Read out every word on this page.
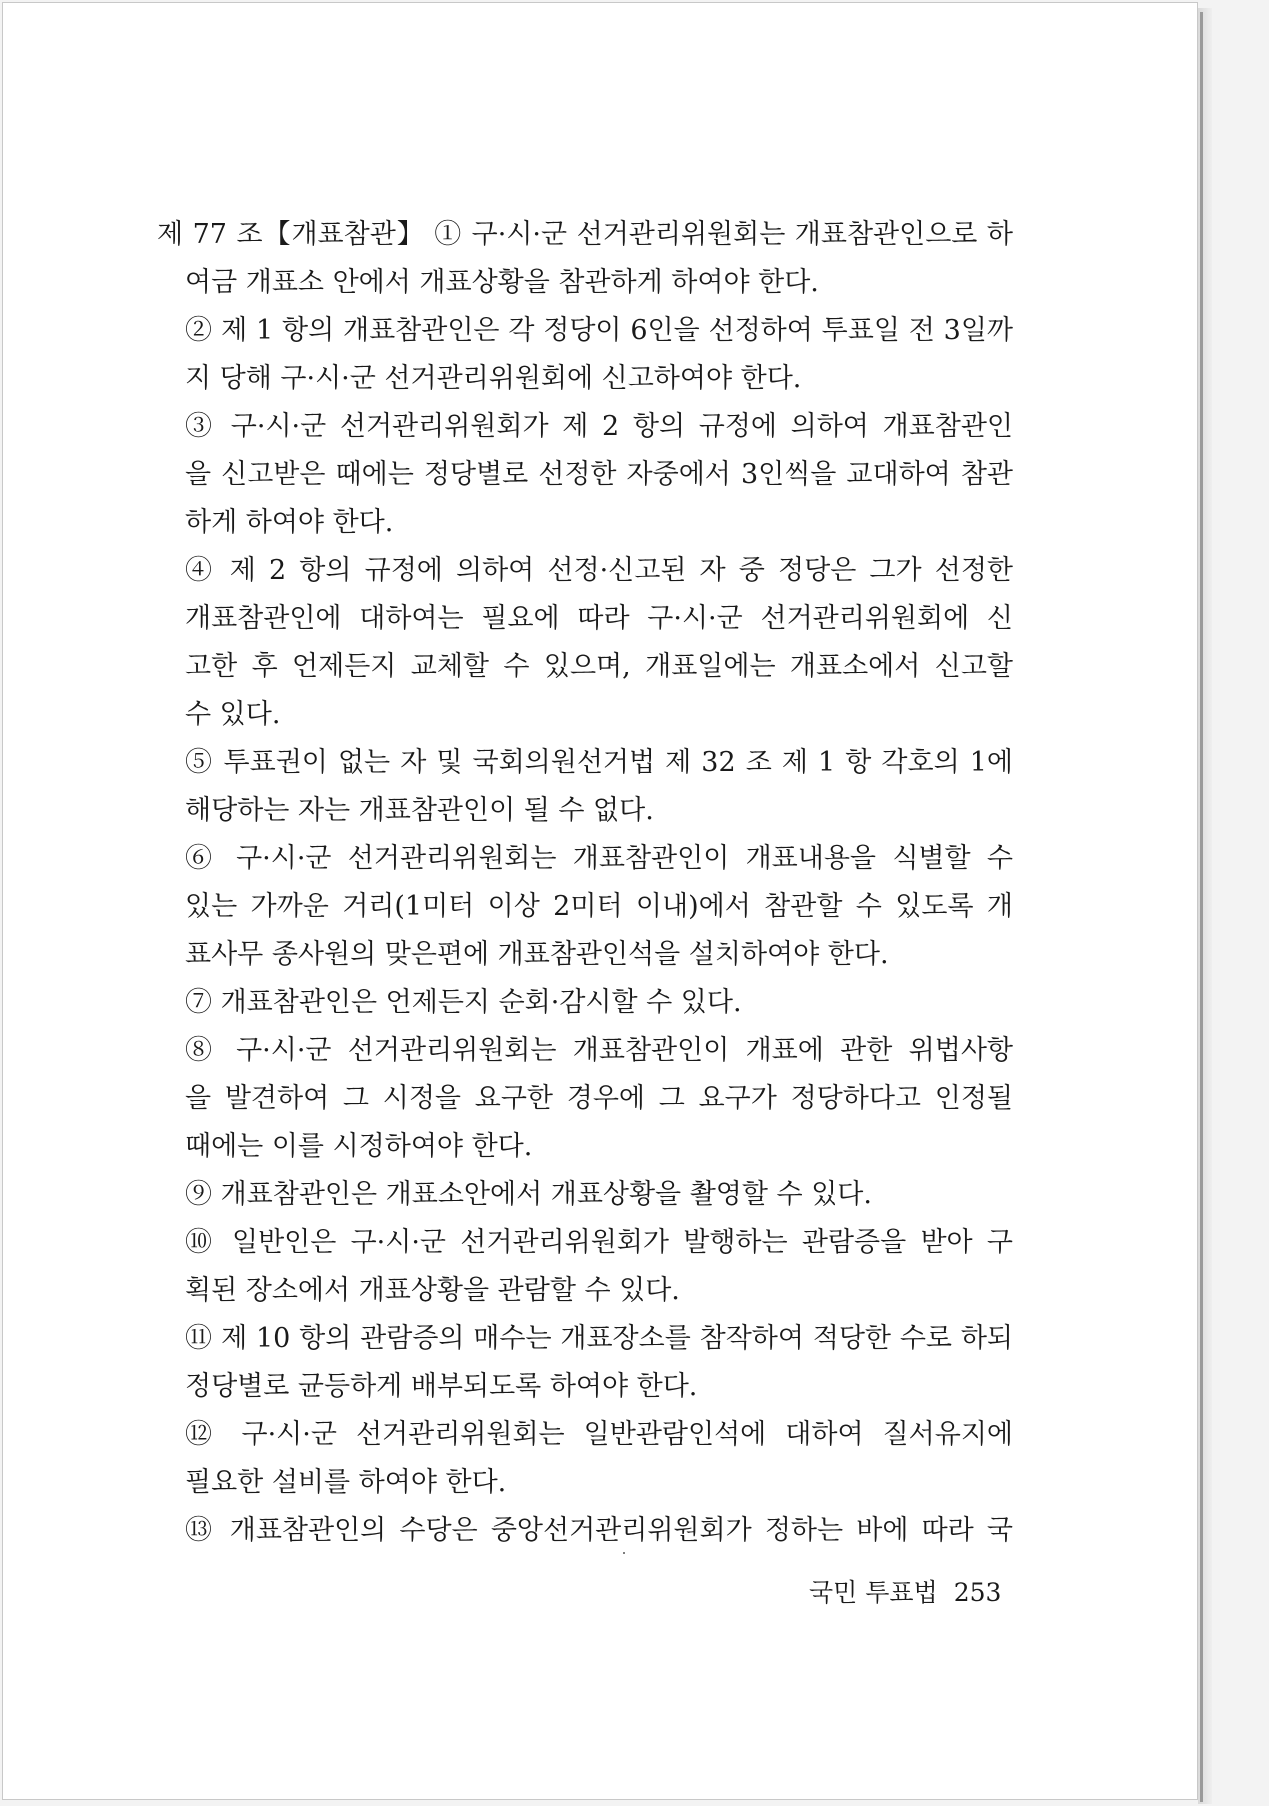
제 77 조【개표참관】 ① 구·시·군 선거관리위원회는 개표참관인으로 하
여금 개표소 안에서 개표상황을 참관하게 하여야 한다.
② 제 1 항의 개표참관인은 각 정당이 6인을 선정하여 투표일 전 3일까
지 당해 구·시·군 선거관리위원회에 신고하여야 한다.
③ 구·시·군 선거관리위원회가 제 2 항의 규정에 의하여 개표참관인
을 신고받은 때에는 정당별로 선정한 자중에서 3인씩을 교대하여 참관
하게 하여야 한다.
④ 제 2 항의 규정에 의하여 선정·신고된 자 중 정당은 그가 선정한
개표참관인에 대하여는 필요에 따라 구·시·군 선거관리위원회에 신
고한 후 언제든지 교체할 수 있으며, 개표일에는 개표소에서 신고할
수 있다.
⑤ 투표권이 없는 자 및 국회의원선거법 제 32 조 제 1 항 각호의 1에
해당하는 자는 개표참관인이 될 수 없다.
⑥ 구·시·군 선거관리위원회는 개표참관인이 개표내용을 식별할 수
있는 가까운 거리(1미터 이상 2미터 이내)에서 참관할 수 있도록 개
표사무 종사원의 맞은편에 개표참관인석을 설치하여야 한다.
⑦ 개표참관인은 언제든지 순회·감시할 수 있다.
⑧ 구·시·군 선거관리위원회는 개표참관인이 개표에 관한 위법사항
을 발견하여 그 시정을 요구한 경우에 그 요구가 정당하다고 인정될
때에는 이를 시정하여야 한다.
⑨ 개표참관인은 개표소안에서 개표상황을 촬영할 수 있다.
⑩ 일반인은 구·시·군 선거관리위원회가 발행하는 관람증을 받아 구
획된 장소에서 개표상황을 관람할 수 있다.
⑪ 제 10 항의 관람증의 매수는 개표장소를 참작하여 적당한 수로 하되
정당별로 균등하게 배부되도록 하여야 한다.
⑫ 구·시·군 선거관리위원회는 일반관람인석에 대하여 질서유지에
필요한 설비를 하여야 한다.
⑬ 개표참관인의 수당은 중앙선거관리위원회가 정하는 바에 따라 국
국민 투표법 253
